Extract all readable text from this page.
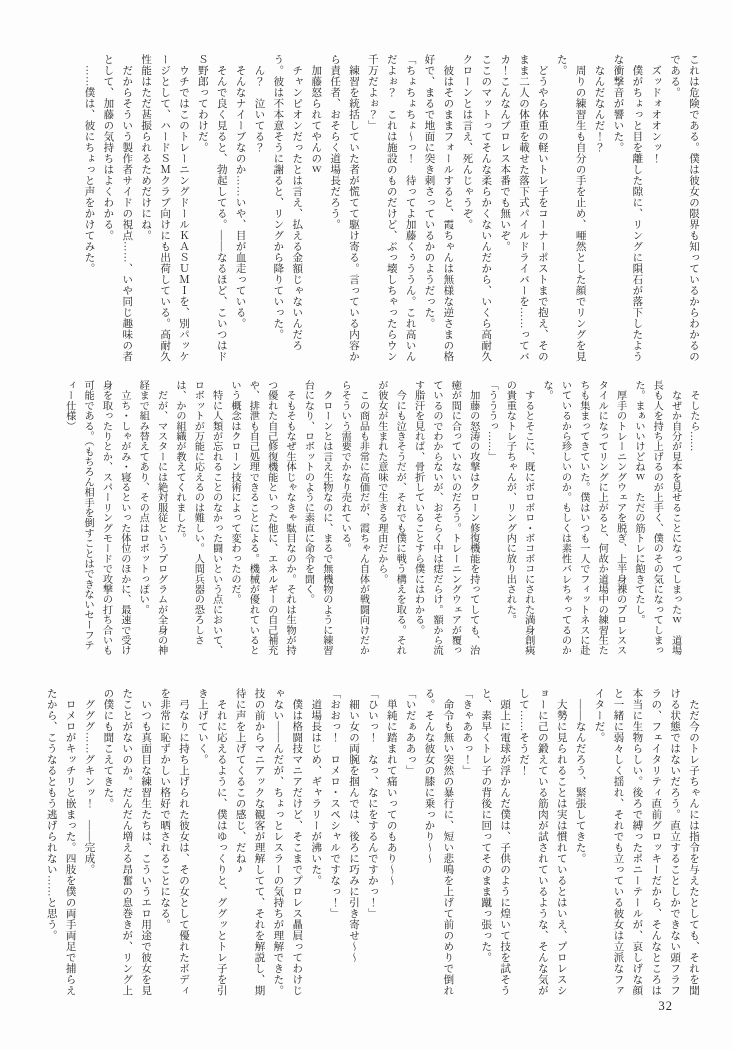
これは危険である。僕は彼女の限界も知っているからわかるのである。

　ズッドォオオンッ！

　僕がちょっと目を離した隙に、リングに隕石が落下したような衝撃音が響いた。

　なんだなんだ！？

　周りの練習生も自分の手を止め、唖然とした顔でリングを見た。

　どうやら体重の軽いトレ子をコーナーポストまで抱え、そのまま二人の体重を載せた落下式パイルドライバーを……ってバカ！こんなんプロレス本番でも無いぞ。

ここのマットってそんな柔らかくないんだから、いくら高耐久クローンとは言え、死んじゃうぞ。

　彼はそのままフォールすると、霞ちゃんは無様な逆さまの格好で、まるで地面に突き刺さっているかのようだった。

「ちょちょちょ～っ！　待ってよ加藤くぅううん。これ高いんだよぉ？　これは施設のものだけど、ぶっ壊しちゃったらウン千万だよぉ？」

　練習を統括していた者が慌てて駆け寄る。言っている内容から責任者、おそらく道場長だろう。

　加藤怒られてやんのｗ

　チャンピオンだったとは言え、払える金額じゃないんだろう。彼は不本意そうに謝ると、リングから降りていった。

　ん？　泣いてる？

　そんなナイーブなのか……いや、目が血走っている。

　そんで良く見ると、勃起してる。――なるほど、こいつはドＳ野郎ってわけだ。

　ウチではこのトレーニングドールＫＡＳＵＭＩを、別パッケージとして、ハードＳＭクラブ向けにも出荷している。高耐久性能はただ甚振られるためだけにね。

　だからそういう製作者サイドの視点……、いや同じ趣味の者として、加藤の気持ちはよくわかる。

　……僕は、彼にちょっと声をかけてみた。

　そしたら……

　なぜか自分が見本を見せることになってしまったｗ　道場長も人を持ち上げるのが上手く、僕のその気になってしまった。まぁいいけどねｗ　ただの筋トレに飽きてたし。

　厚手のトレーニングウェアを脱ぎ、上半身裸のプロレススタイルになってリングに上がると、何故か道場中の練習生たちも集まってきていた。僕はいつも一人でフィットネスに赴いているから珍しいのか。もしくは素性バレちゃってるのかな。

　するとそこに、既にボロボロ・ボコボコにされた満身創痍の貴重なトレ子ちゃんが、リング内に放り出された。

「うううっ……」

　加藤の怒涛の攻撃はクローン修復機能を持ってしても、治癒が間に合っていないのだろう。トレーニングウェアが覆っているのでわからないが、おそらく中は痣だらけ。額から流す脂汗を見れば、骨折していることすら僕にはわかる。

　今にも泣きそうだが、それでも僕に戦う構えを取る。それが彼女が生まれた意味で生きる理由だから。

　この商品も非常に高価だが、霞ちゃん自体が戦闘向けだからそういう需要でかなり売れている。

　クローンとは言え生物なのに、まるで無機物のように練習台になり、ロボットのように素直に命令を聞く。

　そもそもなぜ生体じゃなきゃ駄目なのか。それは生物が持つ優れた自己修復機能といった他に、エネルギーの自己補充や、排泄も自己処理できることによる。機械が優れているという概念はクローン技術によって変わったのだ。

　特に人類が忘れることのなかった闘いという点において、ロボットが万能に応えるのは難しい。人間兵器の恐ろしさは、かの組織が教えてくれました。

　だが、マスターには絶対服従というプログラムが全身の神経まで組み替えてあり、その点はロボットっぽい。

　立ち・しゃがみ・寝るといった体位のほかに、最速で受け身を取ったりとか、スパーリングモードで攻撃の打ち合いも可能である。（もちろん相手を倒すことはできないセーフティー仕様）

　ただ今のトレ子ちゃんには指令を与えたとしても、それを聞ける状態ではないだろう。直立することしかできない頭フラフラの、フェイタリティ直前グロッキーだから、そんなところは本当に生物らしい。後ろで縛ったポニーテールが、哀しげな顔と一緒に弱々しく揺れ、それでも立っている彼女は立派なファイターだ。

　――なんだろう、緊張してきた。

　大勢に見られることは実は慣れているとはいえ、プロレスショーに己の鍛えている筋肉が試されているような、そんな気がして……そうだ！

　頭上に電球が浮かんだ僕は、子供のように煌いて技を試そうと、素早くトレ子の背後に回ってそのまま蹴っ張った。

「きゃああっ！」

　命令も無い突然の暴行に、短い悲鳴を上げて前のめりで倒れる。そんな彼女の膝に乗っかり～～

「いだぁああっ」

　単純に踏まれて痛いってのもあり～～

「ひいっ！　なっ、なにをするんですかっ！」

　細い女の両腕を掴んでは、後ろに巧みに引き寄せ～～

「おおっ！　ロメロ・スペシャルですなっ！」

　道場長はじめ、ギャラリーが沸いた。

　僕は格闘技マニアだけど、そこまでプロレス贔屓ってわけじゃない――んだが、ちょっとレスラーの気持ちが理解できた。技の前からマニアックな観客が理解してて、それを解説し、期待に声を上げてくるこの感じ、だね♪

　それに応えるように、僕はゆっくりと、ググッとトレ子を引き上げていく。

　弓なりに持ち上げられた彼女は、その女として優れたボディを非常に恥ずかしい格好で晒されることになる。

　いつも真面目な練習生たちは、こういうエロ用途で彼女を見たことがないのか。だんだん増える昂奮の息巻きが、リング上の僕にも聞こえてきた。

　グググ……グキンッ！　――完成。

　ロメロがキッチリと嵌まった。四肢を僕の両手両足で捕らえたから、こうなるともう逃げられない……と思う。

32
